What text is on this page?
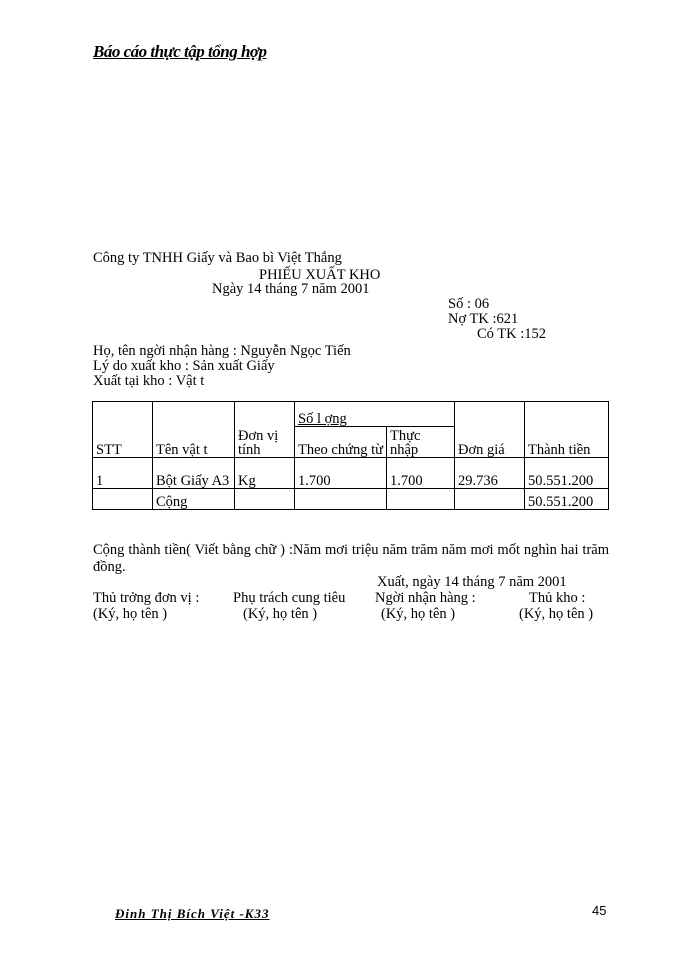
Báo cáo thực tập tổng hợp
Công ty TNHH Giấy và Bao bì Việt Thắng
PHIẾU XUẤT KHO
Ngày 14 tháng 7 năm 2001
Số : 06
Nợ TK :621
Có TK :152
Họ, tên ngời nhận hàng : Nguyễn Ngọc Tiến
Lý do xuất kho : Sản xuất Giấy
Xuất tại kho : Vật t
STT	Tên vật t	Đơn vị tính	Số l ợng		Đơn giá	Thành tiền
			Theo chứng từ	Thực nhập		
1	Bột Giấy A3	Kg	1.700	1.700	29.736	50.551.200
	Cộng					50.551.200
Cộng thành tiền( Viết bằng chữ ) :Năm mơi triệu năm trăm năm mơi mốt nghìn hai trăm đồng.
Xuất, ngày 14 tháng 7 năm 2001
Thủ trởng đơn vị : Phụ trách cung tiêu Ngời nhận hàng :	Thủ kho :
(Ký, họ tên )	(Ký, họ tên )	(Ký, họ tên )	(Ký, họ tên )
Đinh Thị Bích Việt -K33	45
